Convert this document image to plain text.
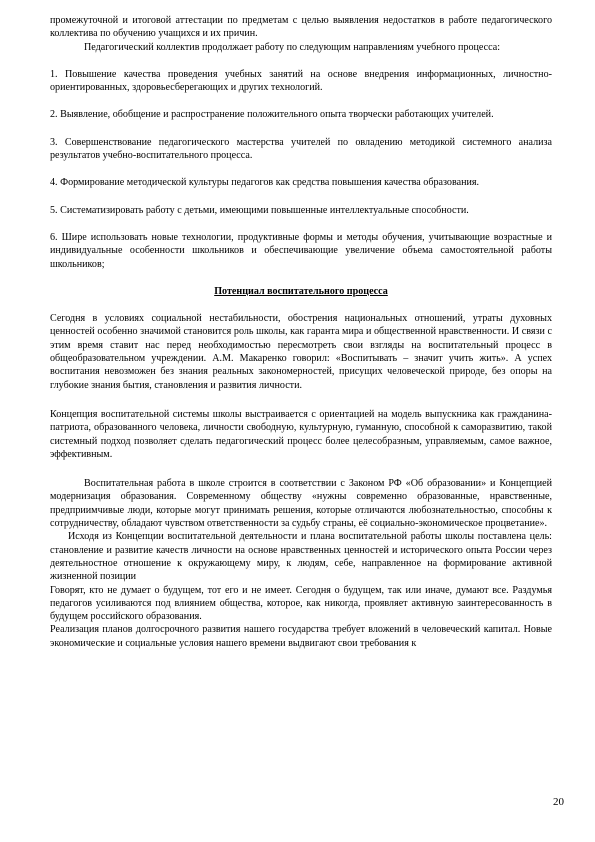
промежуточной и итоговой аттестации по предметам с целью выявления недостатков в работе педагогического коллектива по обучению учащихся и их причин.

Педагогический коллектив продолжает работу по следующим направлениям учебного процесса:

1. Повышение качества проведения учебных занятий на основе внедрения информационных, личностно-ориентированных, здоровьесберегающих и других технологий.

2. Выявление, обобщение и распространение положительного опыта творчески работающих учителей.

3. Совершенствование педагогического мастерства учителей по овладению методикой системного анализа результатов учебно-воспитательного процесса.

4. Формирование методической культуры педагогов как средства повышения качества образования.

5. Систематизировать работу с детьми, имеющими повышенные интеллектуальные способности.

6. Шире использовать новые технологии, продуктивные формы и методы обучения, учитывающие возрастные и индивидуальные особенности школьников и обеспечивающие увеличение объема самостоятельной работы школьников;

Потенциал воспитательного процесса

Сегодня в условиях социальной нестабильности, обострения национальных отношений, утраты духовных ценностей особенно значимой становится роль школы, как гаранта мира и общественной нравственности. И связи с этим время ставит нас перед необходимостью пересмотреть свои взгляды на воспитательный процесс в общеобразовательном учреждении. А.М. Макаренко говорил: «Воспитывать – значит учить жить». А успех воспитания невозможен без знания реальных закономерностей, присущих человеческой природе, без опоры на глубокие знания бытия, становления и развития личности.

Концепция воспитательной системы школы выстраивается с ориентацией на модель выпускника как гражданина-патриота, образованного человека, личности свободную, культурную, гуманную, способной к саморазвитию, такой системный подход позволяет сделать педагогический процесс более целесобразным, управляемым, самое важное, эффективным.

Воспитательная работа в школе строится в соответствии с Законом РФ «Об образовании» и Концепцией модернизация образования. Современному обществу «нужны современно образованные, нравственные, предприимчивые люди, которые могут принимать решения, которые отличаются любознательностью, способны к сотрудничеству, обладают чувством ответственности за судьбу страны, её социально-экономическое процветание».

Исходя из Концепции воспитательной деятельности и плана воспитательной работы школы поставлена цель: становление и развитие качеств личности на основе нравственных ценностей и исторического опыта России через деятельностное отношение к окружающему миру, к людям, себе, направленное на формирование активной жизненной позиции

Говорят, кто не думает о будущем, тот его и не имеет. Сегодня о будущем, так или иначе, думают все. Раздумья педагогов усиливаются под влиянием общества, которое, как никогда, проявляет активную заинтересованность в будущем российского образования.

Реализация планов долгосрочного развития нашего государства требует вложений в человеческий капитал. Новые экономические и социальные условия нашего времени выдвигают свои требования к

20
